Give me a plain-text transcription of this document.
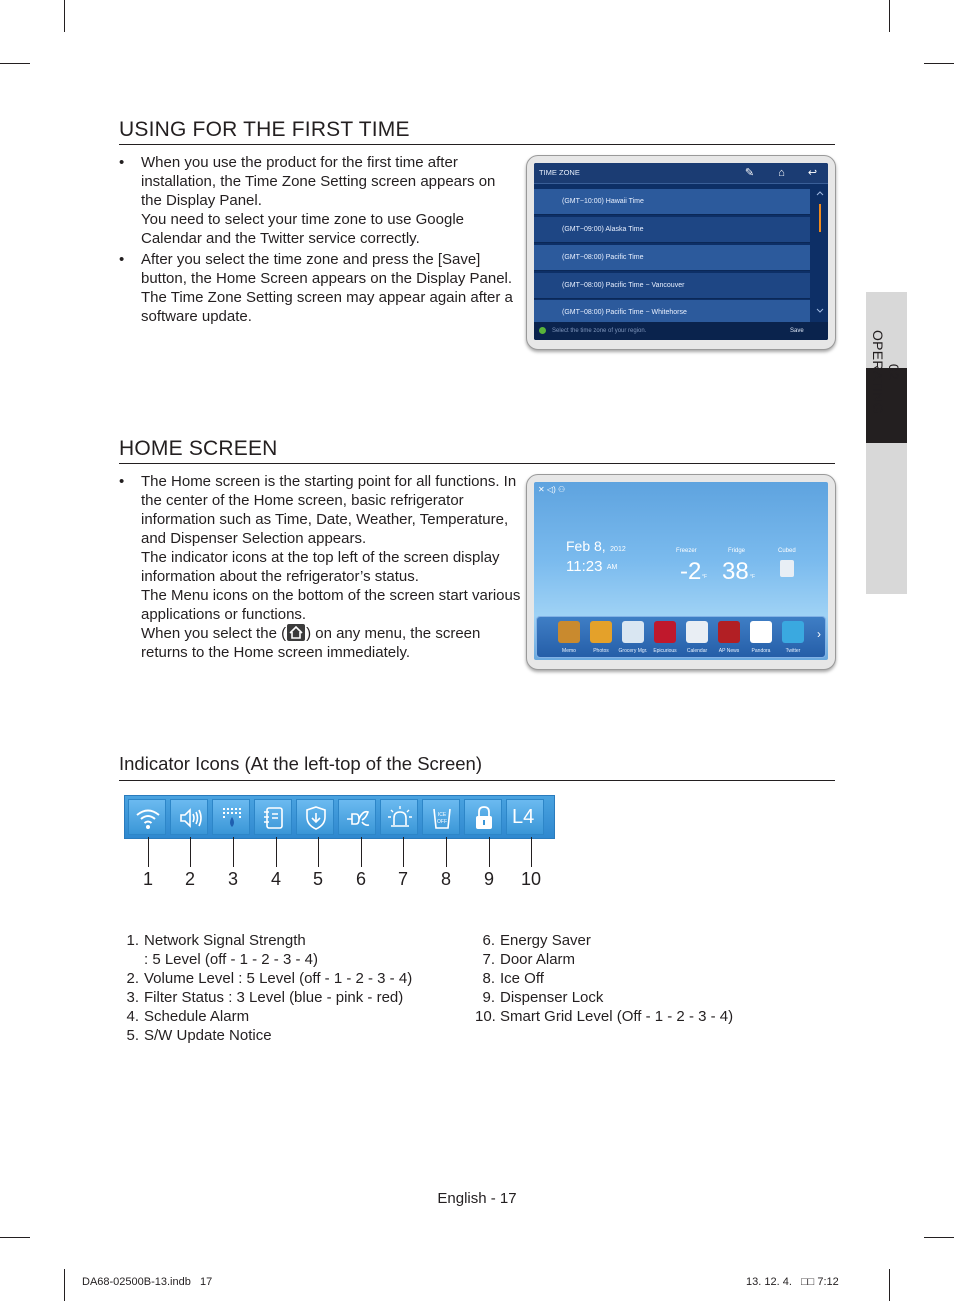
02 OPERATING
USING FOR THE FIRST TIME
• When you use the product for the first time after installation, the Time Zone Setting screen appears on the Display Panel.
You need to select your time zone to use Google Calendar and the Twitter service correctly.
• After you select the time zone and press the [Save] button, the Home Screen appears on the Display Panel.
The Time Zone Setting screen may appear again after a software update.
TIME ZONE	✎	⌂	↩
(GMT−10:00) Hawaii Time
(GMT−09:00) Alaska Time
(GMT−08:00) Pacific Time
(GMT−08:00) Pacific Time − Vancouver
(GMT−08:00) Pacific Time − Whitehorse
Select the time zone of your region.	Save
HOME SCREEN
• The Home screen is the starting point for all functions. In the center of the Home screen, basic refrigerator information such as Time, Date, Weather, Temperature, and Dispenser Selection appears.
The indicator icons at the top left of the screen display information about the refrigerator’s status.
The Menu icons on the bottom of the screen start various applications or functions.
When you select the ( ) on any menu, the screen returns to the Home screen immediately.
✕ ◁) ⚇
Feb 8, 2012
11:23 AM
Freezer
-2 °F
Fridge
38 °F
Cubed
Memo	Photos	Grocery Mgr.	Epicurious	Calendar	AP News	Pandora	Twitter
›
Indicator Icons (At the left-top of the Screen)
ICE
OFF	L4
1	2	3	4	5	6	7	8	9	10
1. Network Signal Strength
: 5 Level (off - 1 - 2 - 3 - 4)
2. Volume Level : 5 Level (off - 1 - 2 - 3 - 4)
3. Filter Status : 3 Level (blue - pink - red)
4. Schedule Alarm
5. S/W Update Notice
6. Energy Saver
7. Door Alarm
8. Ice Off
9. Dispenser Lock
10. Smart Grid Level (Off - 1 - 2 - 3 - 4)
English - 17
DA68-02500B-13.indb   17	13. 12. 4.   □□ 7:12
